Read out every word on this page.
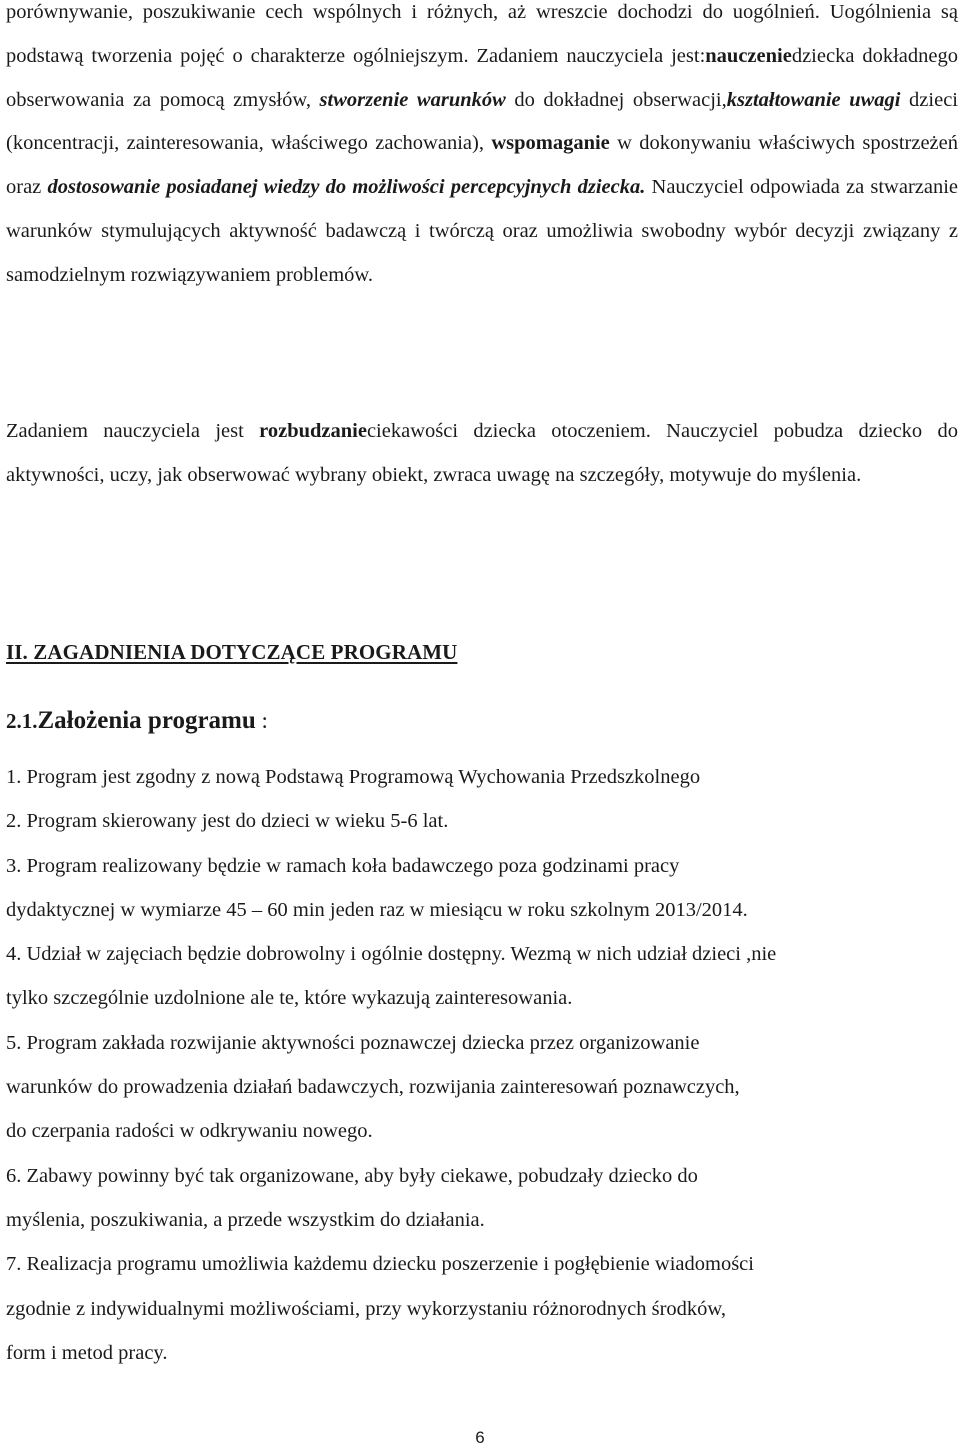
porównywanie, poszukiwanie cech wspólnych i różnych, aż wreszcie dochodzi do uogólnień. Uogólnienia są podstawą tworzenia pojęć o charakterze ogólniejszym. Zadaniem nauczyciela jest:nauczeniedziecka dokładnego obserwowania za pomocą zmysłów, stworzenie warunków do dokładnej obserwacji,kształtowanie uwagi dzieci (koncentracji, zainteresowania, właściwego zachowania), wspomaganie w dokonywaniu właściwych spostrzeżeń oraz dostosowanie posiadanej wiedzy do możliwości percepcyjnych dziecka. Nauczyciel odpowiada za stwarzanie warunków stymulujących aktywność badawczą i twórczą oraz umożliwia swobodny wybór decyzji związany z samodzielnym rozwiązywaniem problemów.

Zadaniem nauczyciela jest rozbudzanieciekawości dziecka otoczeniem. Nauczyciel pobudza dziecko do aktywności, uczy, jak obserwować wybrany obiekt, zwraca uwagę na szczegóły, motywuje do myślenia.

II. ZAGADNIENIA DOTYCZĄCE PROGRAMU
2.1.Założenia programu :
1. Program jest zgodny z nową Podstawą Programową Wychowania Przedszkolnego
2. Program skierowany jest do dzieci w wieku 5-6 lat.
3. Program realizowany będzie w ramach koła badawczego poza godzinami pracy
dydaktycznej w wymiarze 45 – 60 min jeden raz w miesiącu w roku szkolnym 2013/2014.
4. Udział w zajęciach będzie dobrowolny i ogólnie dostępny. Wezmą w nich udział dzieci ,nie
tylko szczególnie uzdolnione ale te, które wykazują zainteresowania.
5. Program zakłada rozwijanie aktywności poznawczej dziecka przez organizowanie
warunków do prowadzenia działań badawczych, rozwijania zainteresowań poznawczych,
do czerpania radości w odkrywaniu nowego.
6. Zabawy powinny być tak organizowane, aby były ciekawe, pobudzały dziecko do
myślenia, poszukiwania, a przede wszystkim do działania.
7. Realizacja programu umożliwia każdemu dziecku poszerzenie i pogłębienie wiadomości
zgodnie z indywidualnymi możliwościami, przy wykorzystaniu różnorodnych środków,
form i metod pracy.
6
